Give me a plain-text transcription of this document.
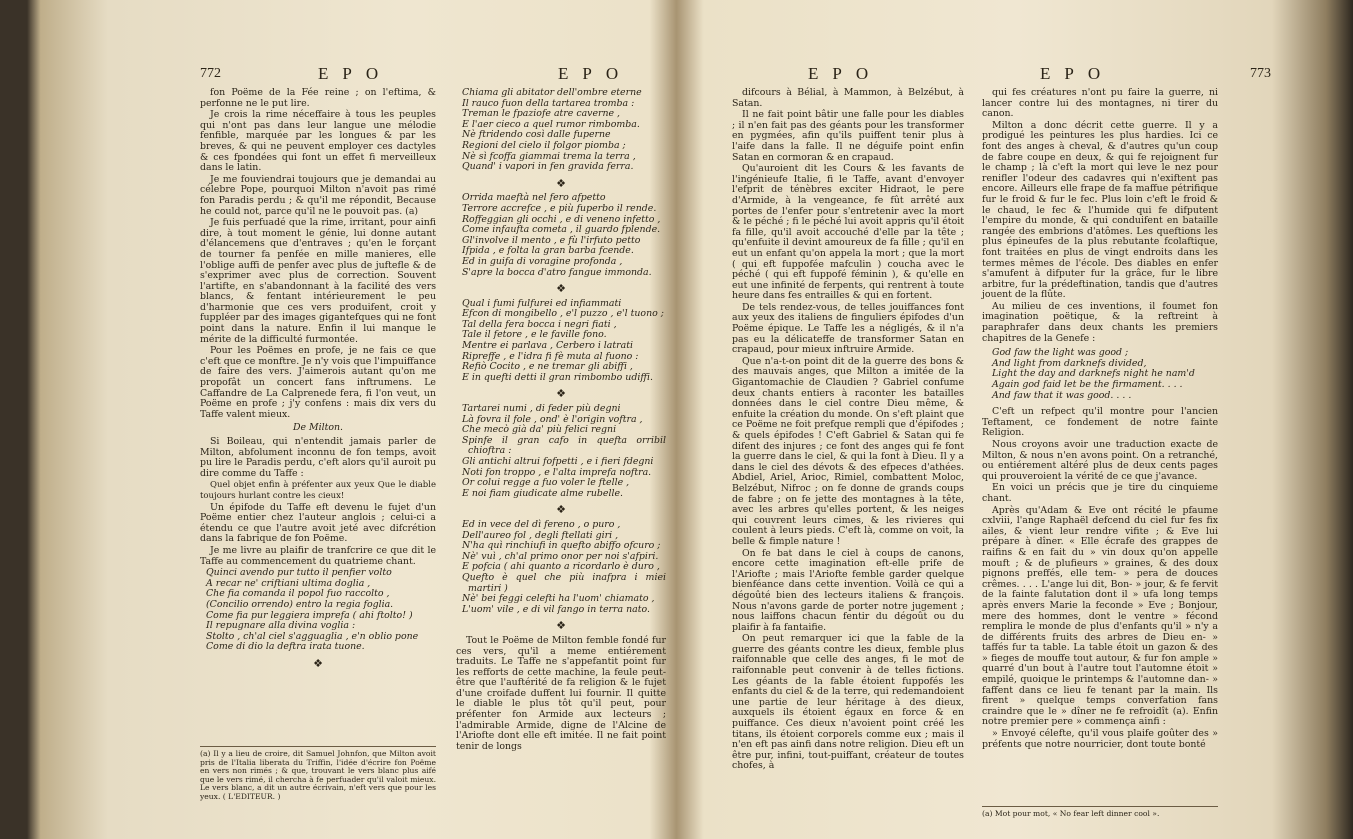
772	EPO	EPO

fon Poëme de la Fée reine ; on l'eftima, & perfonne ne le put lire.

Je crois la rime néceffaire à tous les peuples qui n'ont pas dans leur langue une mélodie fenfible, marquée par les longues & par les breves, & qui ne peuvent employer ces dactyles & ces fpondées qui font un effet fi merveilleux dans le latin.

Je me fouviendrai toujours que je demandai au célebre Pope, pourquoi Milton n'avoit pas rimé fon Paradis perdu ; & qu'il me répondit, Because he could not, parce qu'il ne le pouvoit pas. (a)

Je fuis perfuadé que la rime, irritant, pour ainfi dire, à tout moment le génie, lui donne autant d'élancemens que d'entraves ; qu'en le forçant de tourner fa penfée en mille manieres, elle l'oblige auffi de penfer avec plus de juftefle & de s'exprimer avec plus de correction. Souvent l'artifte, en s'abandonnant à la facilité des vers blancs, & fentant intérieurement le peu d'harmonie que ces vers produifent, croit y fuppléer par des images gigantefques qui ne font point dans la nature. Enfin il lui manque le mérite de la difficulté furmontée.

Pour les Poëmes en profe, je ne fais ce que c'eft que ce monftre. Je n'y vois que l'impuiffance de faire des vers. J'aimerois autant qu'on me propofât un concert fans inftrumens. Le Caffandre de La Calprenede fera, fi l'on veut, un Poëme en profe ; j'y confens : mais dix vers du Taffe valent mieux.

De Milton.

Si Boileau, qui n'entendit jamais parler de Milton, abfolument inconnu de fon temps, avoit pu lire le Paradis perdu, c'eft alors qu'il auroit pu dire comme du Taffe :

Quel objet enfin à préfenter aux yeux Que le diable toujours hurlant contre les cieux!

Un épifode du Taffe eft devenu le fujet d'un Poëme entier chez l'auteur anglois ; celui-ci a étendu ce que l'autre avoit jeté avec difcrétion dans la fabrique de fon Poëme.

Je me livre au plaifir de tranfcrire ce que dit le Taffe au commencement du quatrieme chant.

Quinci avendo pur tutto il penfier volto
A recar ne' criftiani ultima doglia ,
Che fia comanda il popol fuo raccolto ,
(Concilio orrendo) entro la regia foglia.
Come fia pur leggiera imprefa ( ahi ftolto! )
Il repugnare alla divina voglia :
Stolto , ch'al ciel s'agguaglia , e'n oblio pone
Come di dio la deftra irata tuone.
❖
(a) Il y a lieu de croire, dit Samuel Johnfon, que Milton avoit pris de l'Italia liberata du Triffin, l'idée d'écrire fon Poëme en vers non rimés ; & que, trouvant le vers blanc plus aifé que le vers rimé, il chercha à fe perfuader qu'il valoit mieux. Le vers blanc, a dit un autre écrivain, n'eft vers que pour les yeux. ( L'EDITEUR. )
Chiama gli abitator dell'ombre eterne
Il rauco fuon della tartarea tromba :
Treman le fpaziofe atre caverne ,
E l'aer cieco a quel rumor rimbomba.
Nè ftridendo così dalle fuperne
Regioni del cielo il folgor piomba ;
Nè sì fcoffa giammai trema la terra ,
Quand' i vapori in fen gravida ferra.
❖
Orrida maeftà nel fero afpetto
Terrore accrefce , e più fuperbo il rende.
Roffeggian gli occhi , e di veneno infetto ,
Come infaufta cometa , il guardo fplende.
Gl'involve il mento , e fù l'irfuto petto
Ifpida , e folta la gran barba fcende.
Ed in guifa di voragine profonda ,
S'apre la bocca d'atro fangue immonda.
❖
Qual i fumi fulfurei ed infiammati
Efcon di mongibello , e'l puzzo , e'l tuono ;
Tal della fera bocca i negri fiati ,
Tale il fetore , e le faville fono.
Mentre ei parlava , Cerbero i latrati
Ripreffe , e l'idra fi fè muta al fuono :
Refiò Cocito , e ne tremar gli abiffi ,
E in quefti detti il gran rimbombo udiffi.
❖
Tartarei numi , di feder più degni
Là fovra il fole , ond' è l'origin voftra ,
Che mecò già da' più felici regni
Spinfe il gran cafo in quefta orribil chioftra :
Gli antichi altrui fofpetti , e i fieri fdegni
Noti fon troppo , e l'alta imprefa noftra.
Or colui regge a fuo voler le ftelle ,
E noi fiam giudicate alme rubelle.
❖
Ed in vece del dì fereno , o puro ,
Dell'aureo fol , degli ftellati giri ,
N'ha quì rinchiufi in quefto abiffo ofcuro ;
Nè' vuì , ch'al primo onor per noi s'afpiri.
E pofcia ( ahi quanto a ricordarlo è duro ,
Quefto è quel che più inafpra i miei martiri )
Nè' bei feggi celefti ha l'uom' chiamato ,
L'uom' vile , e di vil fango in terra nato.
❖

Tout le Poëme de Milton femble fondé fur ces vers, qu'il a meme entiérement traduits. Le Taffe ne s'appefantit point fur les refforts de cette machine, la feule peut-être que l'auftérité de fa religion & le fujet d'une croifade duffent lui fournir. Il quitte le diable le plus tôt qu'il peut, pour préfenter fon Armide aux lecteurs ; l'admirable Armide, digne de l'Alcine de l'Ariofte dont elle eft imitée. Il ne fait point tenir de longs

EPO	EPO	773

difcours à Bélial, à Mammon, à Belzébut, à Satan.

Il ne fait point bâtir une falle pour les diables ; il n'en fait pas des géants pour les transformer en pygmées, afin qu'ils puiffent tenir plus à l'aife dans la falle. Il ne déguife point enfin Satan en cormoran & en crapaud.

Qu'auroient dit les Cours & les favants de l'ingénieufe Italie, fi le Taffe, avant d'envoyer l'efprit de ténèbres exciter Hidraot, le pere d'Armide, à la vengeance, fe fût arrêté aux portes de l'enfer pour s'entretenir avec la mort & le péché ; fi le péché lui avoit appris qu'il étoit fa fille, qu'il avoit accouché d'elle par la tête ; qu'enfuite il devint amoureux de fa fille ; qu'il en eut un enfant qu'on appela la mort ; que la mort ( qui eft fuppofée mafculin ) coucha avec le péché ( qui eft fuppofé féminin ), & qu'elle en eut une infinité de ferpents, qui rentrent à toute heure dans fes entrailles & qui en fortent.

De tels rendez-vous, de telles jouiffances font aux yeux des italiens de finguliers épifodes d'un Poëme épique. Le Taffe les a négligés, & il n'a pas eu la délicateffe de transformer Satan en crapaud, pour mieux inftruire Armide.

Que n'a-t-on point dit de la guerre des bons & des mauvais anges, que Milton a imitée de la Gigantomachie de Claudien ? Gabriel confume deux chants entiers à raconter les batailles données dans le ciel contre Dieu même, & enfuite la création du monde. On s'eft plaint que ce Poëme ne foit prefque rempli que d'épifodes ; & quels épifodes ! C'eft Gabriel & Satan qui fe difent des injures ; ce font des anges qui fe font la guerre dans le ciel, & qui la font à Dieu. Il y a dans le ciel des dévots & des efpeces d'athées. Abdiel, Ariel, Arioc, Rimiel, combattent Moloc, Belzébut, Nifroc ; on fe donne de grands coups de fabre ; on fe jette des montagnes à la tête, avec les arbres qu'elles portent, & les neiges qui couvrent leurs cimes, & les rivieres qui coulent à leurs pieds. C'eft là, comme on voit, la belle & fimple nature !

On fe bat dans le ciel à coups de canons, encore cette imagination eft-elle prife de l'Ariofte ; mais l'Ariofte femble garder quelque bienféance dans cette invention. Voilà ce qui a dégoûté bien des lecteurs italiens & françois. Nous n'avons garde de porter notre jugement ; nous laiffons chacun fentir du dégoût ou du plaifir à fa fantaifie.

On peut remarquer ici que la fable de la guerre des géants contre les dieux, femble plus raifonnable que celle des anges, fi le mot de raifonnable peut convenir à de telles fictions. Les géants de la fable étoient fuppofés les enfants du ciel & de la terre, qui redemandoient une partie de leur héritage à des dieux, auxquels ils étoient égaux en force & en puiffance. Ces dieux n'avoient point créé les titans, ils étoient corporels comme eux ; mais il n'en eft pas ainfi dans notre religion. Dieu eft un être pur, infini, tout-puiffant, créateur de toutes chofes, à

qui fes créatures n'ont pu faire la guerre, ni lancer contre lui des montagnes, ni tirer du canon.

Milton a donc décrit cette guerre. Il y a prodigué les peintures les plus hardies. Ici ce font des anges à cheval, & d'autres qu'un coup de fabre coupe en deux, & qui fe rejoignent fur le champ ; là c'eft la mort qui leve le nez pour renifler l'odeur des cadavres qui n'exiftent pas encore. Ailleurs elle frape de fa maffue pétrifique fur le froid & fur le fec. Plus loin c'eft le froid & le chaud, le fec & l'humide qui fe difputent l'empire du monde, & qui conduifent en bataille rangée des embrions d'atômes. Les queftions les plus épineufes de la plus rebutante fcolaftique, font traitées en plus de vingt endroits dans les termes mêmes de l'école. Des diables en enfer s'amufent à difputer fur la grâce, fur le libre arbitre, fur la prédeftination, tandis que d'autres jouent de la flûte.

Au milieu de ces inventions, il foumet fon imagination poëtique, & la reftreint à paraphrafer dans deux chants les premiers chapitres de la Genefe :

God faw the light was good ;
And light from darknefs divided,
Light the day and darknefs night he nam'd
Again god faid let be the firmament. . . .
And faw that it was good. . . .

C'eft un refpect qu'il montre pour l'ancien Teftament, ce fondement de notre fainte Religion.

Nous croyons avoir une traduction exacte de Milton, & nous n'en avons point. On a retranché, ou entiérement altéré plus de deux cents pages qui prouveroient la vérité de ce que j'avance.

En voici un précis que je tire du cinquieme chant.

Après qu'Adam & Eve ont récité le pfaume cxlviii, l'ange Raphaël defcend du ciel fur fes fix ailes, & vient leur rendre vifite ; & Eve lui prépare à dîner. « Elle écrafe des grappes de raifins & en fait du » vin doux qu'on appelle mouft ; & de plufieurs » graines, & des doux pignons preffés, elle tem- » pera de douces crêmes. . . . L'ange lui dit, Bon- » jour, & fe fervit de la fainte falutation dont il » ufa long temps après envers Marie la feconde » Eve ; Bonjour, mere des hommes, dont le ventre » fécond remplira le monde de plus d'enfants qu'il » n'y a de différents fruits des arbres de Dieu en- » taffés fur ta table. La table étoit un gazon & des » fieges de mouffe tout autour, & fur fon ample » quarré d'un bout à l'autre tout l'automne étoit » empilé, quoique le printemps & l'automne dan- » faffent dans ce lieu fe tenant par la main. Ils firent » quelque temps converfation fans craindre que le » dîner ne fe refroidît (a). Enfin notre premier pere » commença ainfi :

» Envoyé célefte, qu'il vous plaife goûter des » préfents que notre nourricier, dont toute bonté

(a) Mot pour mot, « No fear left dinner cool ».
